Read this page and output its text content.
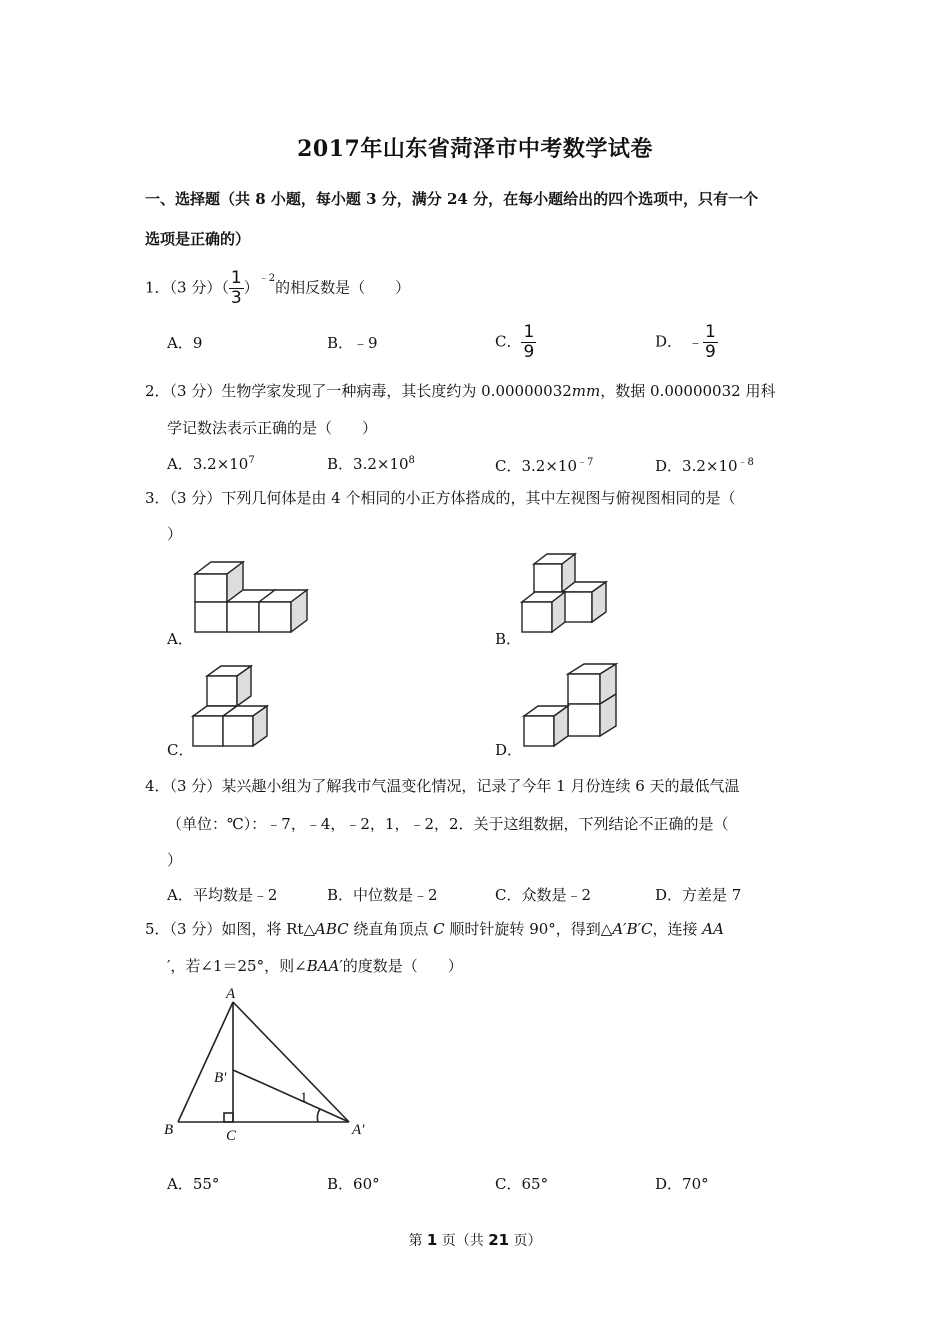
2017年山东省菏泽市中考数学试卷
一、选择题（共 8 小题，每小题 3 分，满分 24 分，在每小题给出的四个选项中，只有一个
选项是正确的）
1．（3 分）（ $\frac{1}{3} )^{﹣2}$的相反数是（　　）
A．9	B．﹣9	C． $\frac{1}{9}$	D． ﹣ $\frac{1}{9}$
2．（3 分）生物学家发现了一种病毒，其长度约为 0.00000032mm，数据 0.00000032 用科
学记数法表示正确的是（　　）
A．$3.2\times 10^7$	B．$3.2\times 10^8$	C．$3.2\times 10^{﹣7}$	D．$3.2\times 10^{﹣8}$
3．（3 分）下列几何体是由 4 个相同的小正方体搭成的，其中左视图与俯视图相同的是（
）
A．	B．
C．	D．
4．（3 分）某兴趣小组为了解我市气温变化情况，记录了今年 1 月份连续 6 天的最低气温
（单位：℃）：﹣7，﹣4，﹣2，1，﹣2，2．关于这组数据，下列结论不正确的是（
）
A．平均数是﹣2	B．中位数是﹣2	C．众数是﹣2	D．方差是 7
5．（3 分）如图，将 Rt△ABC 绕直角顶点 C 顺时针旋转 90°，得到△A′B′C，连接 AA
′，若∠1＝25°，则∠BAA′的度数是（　　）
A
B′
1
B	C	A′
A．55°	B．60°	C．65°	D．70°
第 1 页（共 21 页）
